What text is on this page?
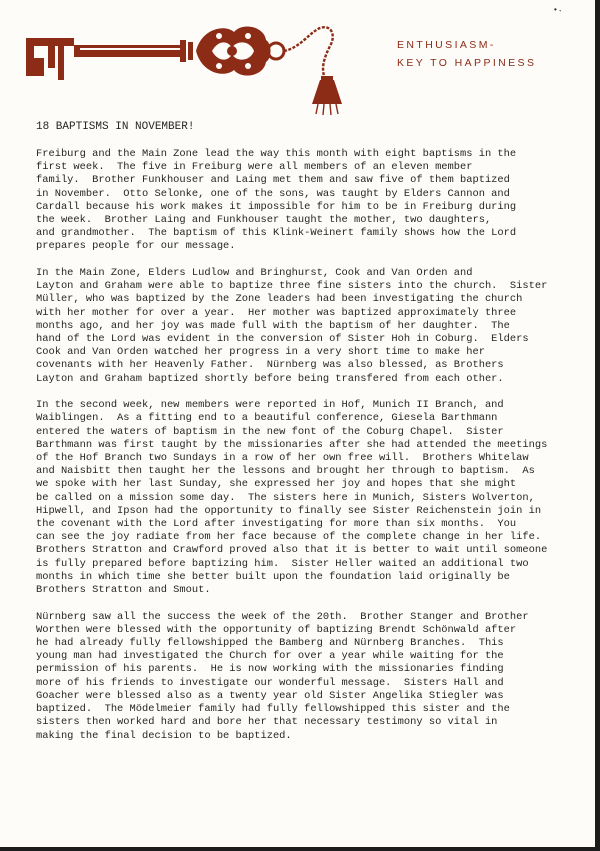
•˖
ENTHUSIASM-
KEY TO HAPPINESS
18 BAPTISMS IN NOVEMBER!
Freiburg and the Main Zone lead the way this month with eight baptisms in the
first week.  The five in Freiburg were all members of an eleven member
family.  Brother Funkhouser and Laing met them and saw five of them baptized
in November.  Otto Selonke, one of the sons, was taught by Elders Cannon and
Cardall because his work makes it impossible for him to be in Freiburg during
the week.  Brother Laing and Funkhouser taught the mother, two daughters,
and grandmother.  The baptism of this Klink-Weinert family shows how the Lord
prepares people for our message.
In the Main Zone, Elders Ludlow and Bringhurst, Cook and Van Orden and
Layton and Graham were able to baptize three fine sisters into the church.  Sister
Müller, who was baptized by the Zone leaders had been investigating the church
with her mother for over a year.  Her mother was baptized approximately three
months ago, and her joy was made full with the baptism of her daughter.  The
hand of the Lord was evident in the conversion of Sister Hoh in Coburg.  Elders
Cook and Van Orden watched her progress in a very short time to make her
covenants with her Heavenly Father.  Nürnberg was also blessed, as Brothers
Layton and Graham baptized shortly before being transfered from each other.
In the second week, new members were reported in Hof, Munich II Branch, and
Waiblingen.  As a fitting end to a beautiful conference, Giesela Barthmann
entered the waters of baptism in the new font of the Coburg Chapel.  Sister
Barthmann was first taught by the missionaries after she had attended the meetings
of the Hof Branch two Sundays in a row of her own free will.  Brothers Whitelaw
and Naisbitt then taught her the lessons and brought her through to baptism.  As
we spoke with her last Sunday, she expressed her joy and hopes that she might
be called on a mission some day.  The sisters here in Munich, Sisters Wolverton,
Hipwell, and Ipson had the opportunity to finally see Sister Reichenstein join in
the covenant with the Lord after investigating for more than six months.  You
can see the joy radiate from her face because of the complete change in her life.
Brothers Stratton and Crawford proved also that it is better to wait until someone
is fully prepared before baptizing him.  Sister Heller waited an additional two
months in which time she better built upon the foundation laid originally be
Brothers Stratton and Smout.
Nürnberg saw all the success the week of the 20th.  Brother Stanger and Brother
Worthen were blessed with the opportunity of baptizing Brendt Schönwald after
he had already fully fellowshipped the Bamberg and Nürnberg Branches.  This
young man had investigated the Church for over a year while waiting for the
permission of his parents.  He is now working with the missionaries finding
more of his friends to investigate our wonderful message.  Sisters Hall and
Goacher were blessed also as a twenty year old Sister Angelika Stiegler was
baptized.  The Mödelmeier family had fully fellowshipped this sister and the
sisters then worked hard and bore her that necessary testimony so vital in
making the final decision to be baptized.
